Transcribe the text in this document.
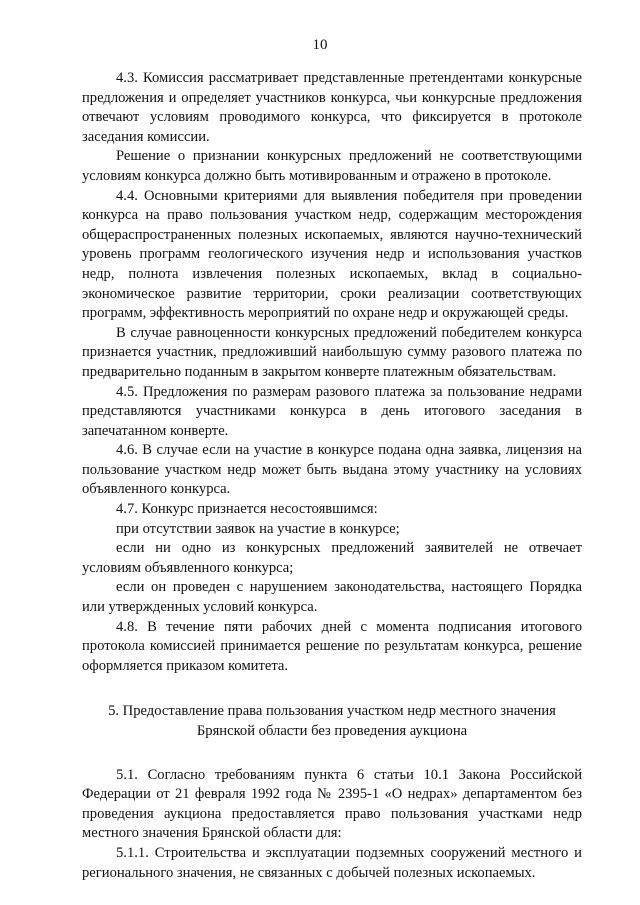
10

4.3. Комиссия рассматривает представленные претендентами конкурсные предложения и определяет участников конкурса, чьи конкурсные предложения отвечают условиям проводимого конкурса, что фиксируется в протоколе заседания комиссии.

Решение о признании конкурсных предложений не соответствующими условиям конкурса должно быть мотивированным и отражено в протоколе.

4.4. Основными критериями для выявления победителя при проведении конкурса на право пользования участком недр, содержащим месторождения общераспространенных полезных ископаемых, являются научно-технический уровень программ геологического изучения недр и использования участков недр, полнота извлечения полезных ископаемых, вклад в социально-экономическое развитие территории, сроки реализации соответствующих программ, эффективность мероприятий по охране недр и окружающей среды.

В случае равноценности конкурсных предложений победителем конкурса признается участник, предложивший наибольшую сумму разового платежа по предварительно поданным в закрытом конверте платежным обязательствам.

4.5. Предложения по размерам разового платежа за пользование недрами представляются участниками конкурса в день итогового заседания в запечатанном конверте.

4.6. В случае если на участие в конкурсе подана одна заявка, лицензия на пользование участком недр может быть выдана этому участнику на условиях объявленного конкурса.

4.7. Конкурс признается несостоявшимся:

при отсутствии заявок на участие в конкурсе;

если ни одно из конкурсных предложений заявителей не отвечает условиям объявленного конкурса;

если он проведен с нарушением законодательства, настоящего Порядка или утвержденных условий конкурса.

4.8. В течение пяти рабочих дней с момента подписания итогового протокола комиссией принимается решение по результатам конкурса, решение оформляется приказом комитета.

5. Предоставление права пользования участком недр местного значения
Брянской области без проведения аукциона

5.1. Согласно требованиям пункта 6 статьи 10.1 Закона Российской Федерации от 21 февраля 1992 года № 2395-1 «О недрах» департаментом без проведения аукциона предоставляется право пользования участками недр местного значения Брянской области для:

5.1.1. Строительства и эксплуатации подземных сооружений местного и регионального значения, не связанных с добычей полезных ископаемых.
